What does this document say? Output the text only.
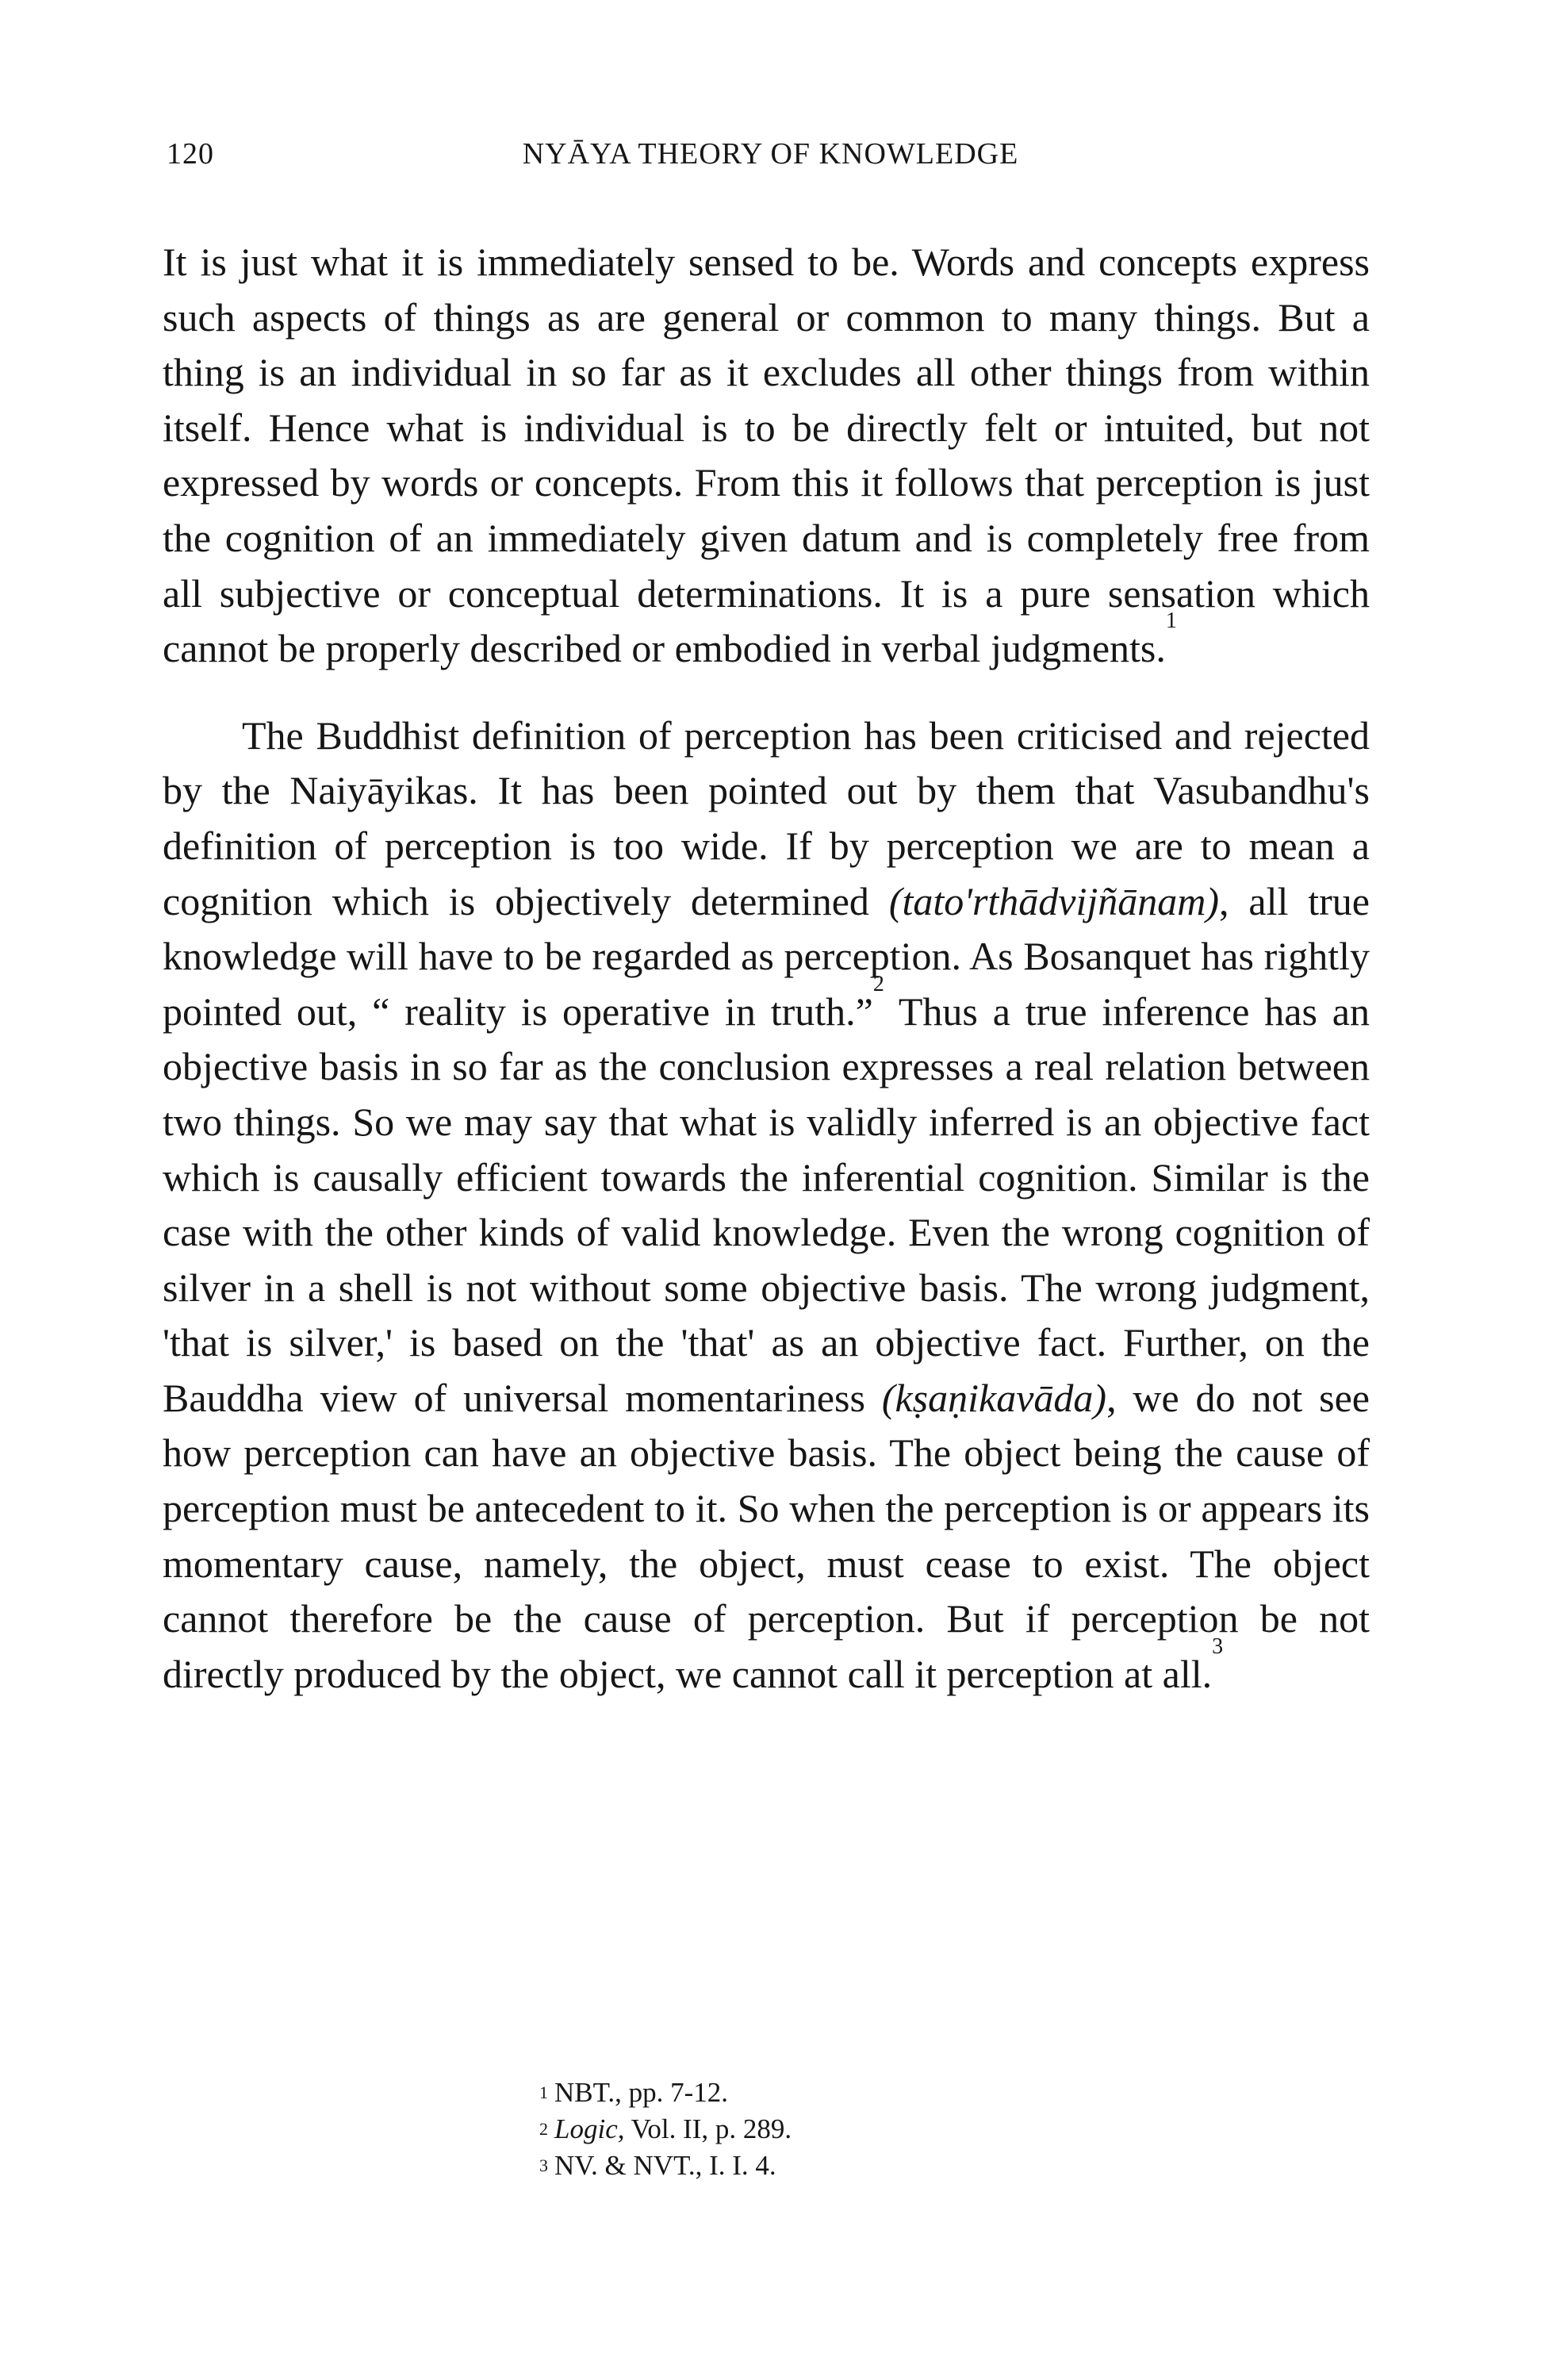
120	NYĀYA THEORY OF KNOWLEDGE

It is just what it is immediately sensed to be. Words and concepts express such aspects of things as are general or common to many things. But a thing is an individual in so far as it excludes all other things from within itself. Hence what is individual is to be directly felt or intuited, but not expressed by words or concepts. From this it follows that perception is just the cognition of an immediately given datum and is completely free from all subjective or conceptual determinations. It is a pure sensation which cannot be properly described or embodied in verbal judgments.$^1$

The Buddhist definition of perception has been criticised and rejected by the Naiyāyikas. It has been pointed out by them that Vasubandhu's definition of perception is too wide. If by perception we are to mean a cognition which is objectively determined (tato'rthādvijñānam), all true knowledge will have to be regarded as perception. As Bosanquet has rightly pointed out, “ reality is operative in truth.”$^2$ Thus a true inference has an objective basis in so far as the conclusion expresses a real relation between two things. So we may say that what is validly inferred is an objective fact which is causally efficient towards the inferential cognition. Similar is the case with the other kinds of valid knowledge. Even the wrong cognition of silver in a shell is not without some objective basis. The wrong judgment, 'that is silver,' is based on the 'that' as an objective fact. Further, on the Bauddha view of universal momentariness (kṣaṇikavāda), we do not see how perception can have an objective basis. The object being the cause of perception must be antecedent to it. So when the perception is or appears its momentary cause, namely, the object, must cease to exist. The object cannot therefore be the cause of perception. But if perception be not directly produced by the object, we cannot call it perception at all.$^3$

$^1$ NBT., pp. 7-12.
$^2$ Logic, Vol. II, p. 289.
$^3$ NV. & NVT., I. I. 4.
